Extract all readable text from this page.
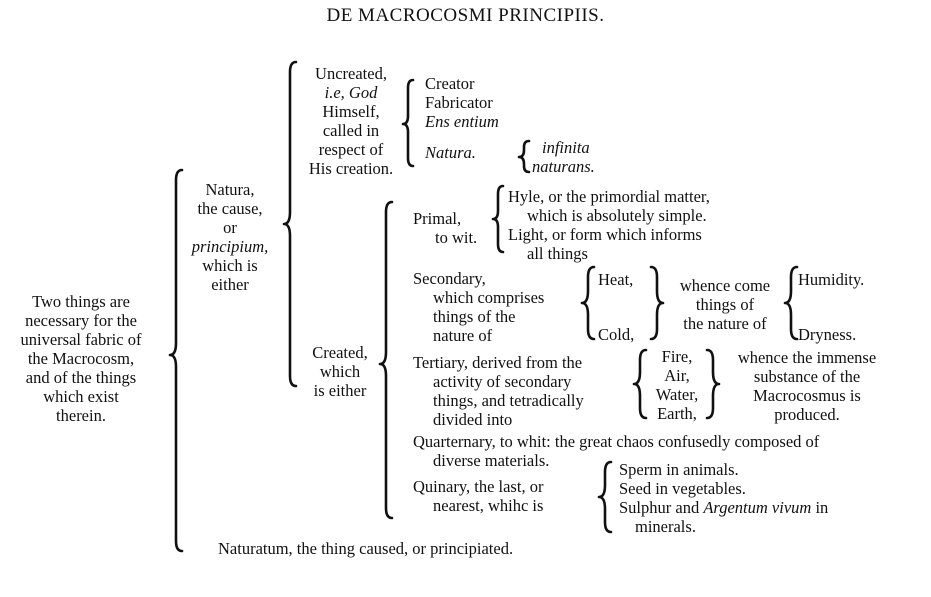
DE MACROCOSMI PRINCIPIIS.
Two things are
necessary for the
universal fabric of
the Macrocosm,
and of the things
which exist
therein.
Natura,
the cause,
or
principium,
which is
either
Naturatum, the thing caused, or principiated.
Uncreated,
i.e, God
Himself,
called in
respect of
His creation.
Creator
Fabricator
Ens entium
Natura.	infinita
naturans.
Created,
which
is either
Primal,
to wit.
Hyle, or the primordial matter,
which is absolutely simple.
Light, or form which informs
all things
Secondary,
which comprises
things of the
nature of
Heat,
Cold,
whence come
things of
the nature of
Humidity.
Dryness.
Tertiary, derived from the
activity of secondary
things, and tetradically
divided into
Fire,
Air,
Water,
Earth,
whence the immense
substance of the
Macrocosmus is
produced.
Quarternary, to whit: the great chaos confusedly composed of
diverse materials.
Quinary, the last, or
nearest, whihc is
Sperm in animals.
Seed in vegetables.
Sulphur and Argentum vivum in
minerals.
